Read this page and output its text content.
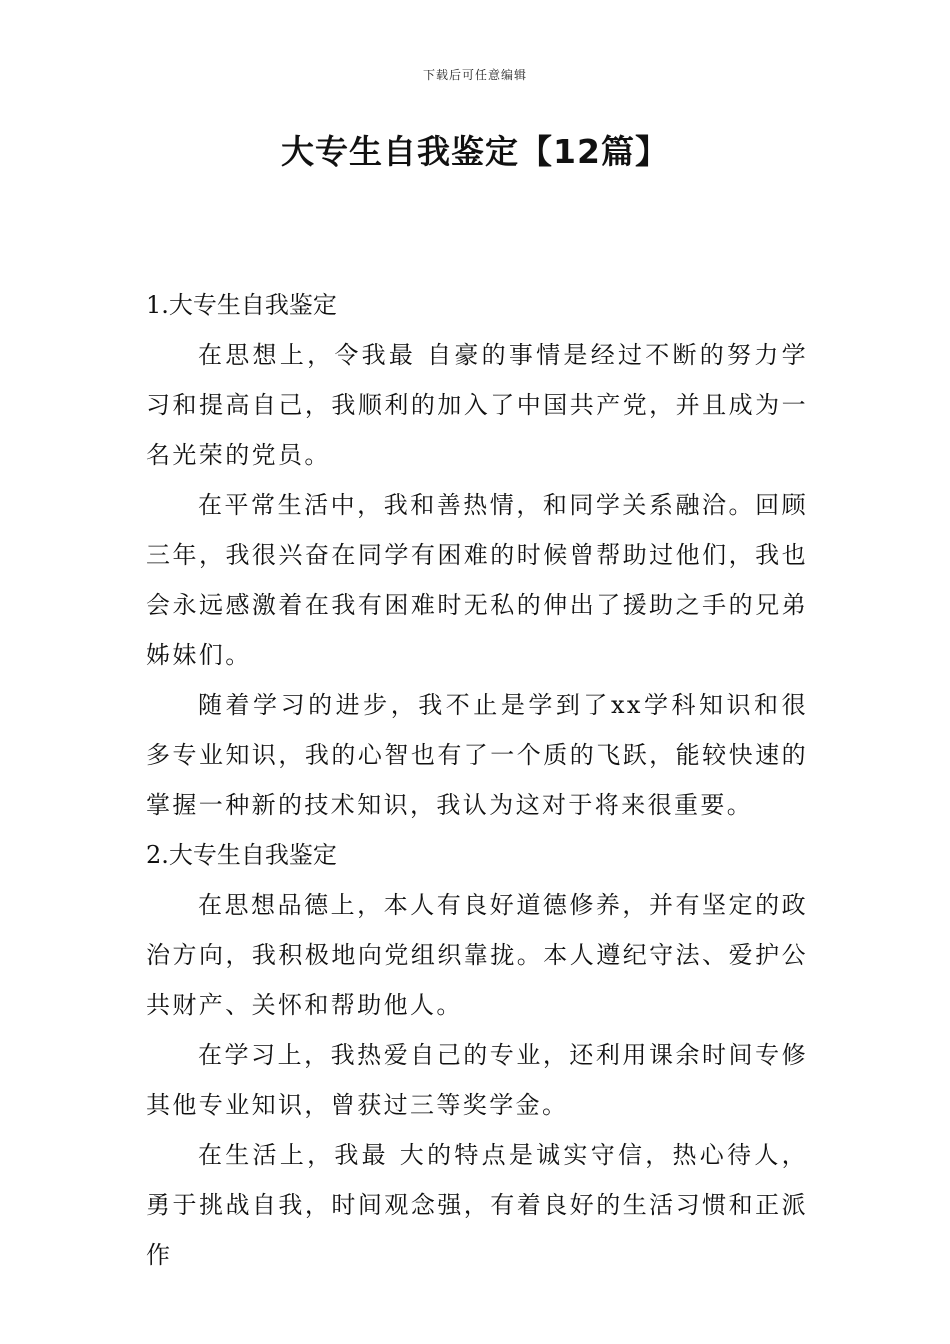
下载后可任意编辑
大专生自我鉴定【12篇】

1.大专生自我鉴定

在思想上，令我最 自豪的事情是经过不断的努力学习和提高自己，我顺利的加入了中国共产党，并且成为一名光荣的党员。

在平常生活中，我和善热情，和同学关系融洽。回顾三年，我很兴奋在同学有困难的时候曾帮助过他们，我也会永远感激着在我有困难时无私的伸出了援助之手的兄弟姊妹们。

随着学习的进步，我不止是学到了xx学科知识和很多专业知识，我的心智也有了一个质的飞跃，能较快速的掌握一种新的技术知识，我认为这对于将来很重要。

2.大专生自我鉴定

在思想品德上，本人有良好道德修养，并有坚定的政治方向，我积极地向党组织靠拢。本人遵纪守法、爱护公共财产、关怀和帮助他人。

在学习上，我热爱自己的专业，还利用课余时间专修其他专业知识，曾获过三等奖学金。

在生活上，我最 大的特点是诚实守信，热心待人，勇于挑战自我，时间观念强，有着良好的生活习惯和正派作
